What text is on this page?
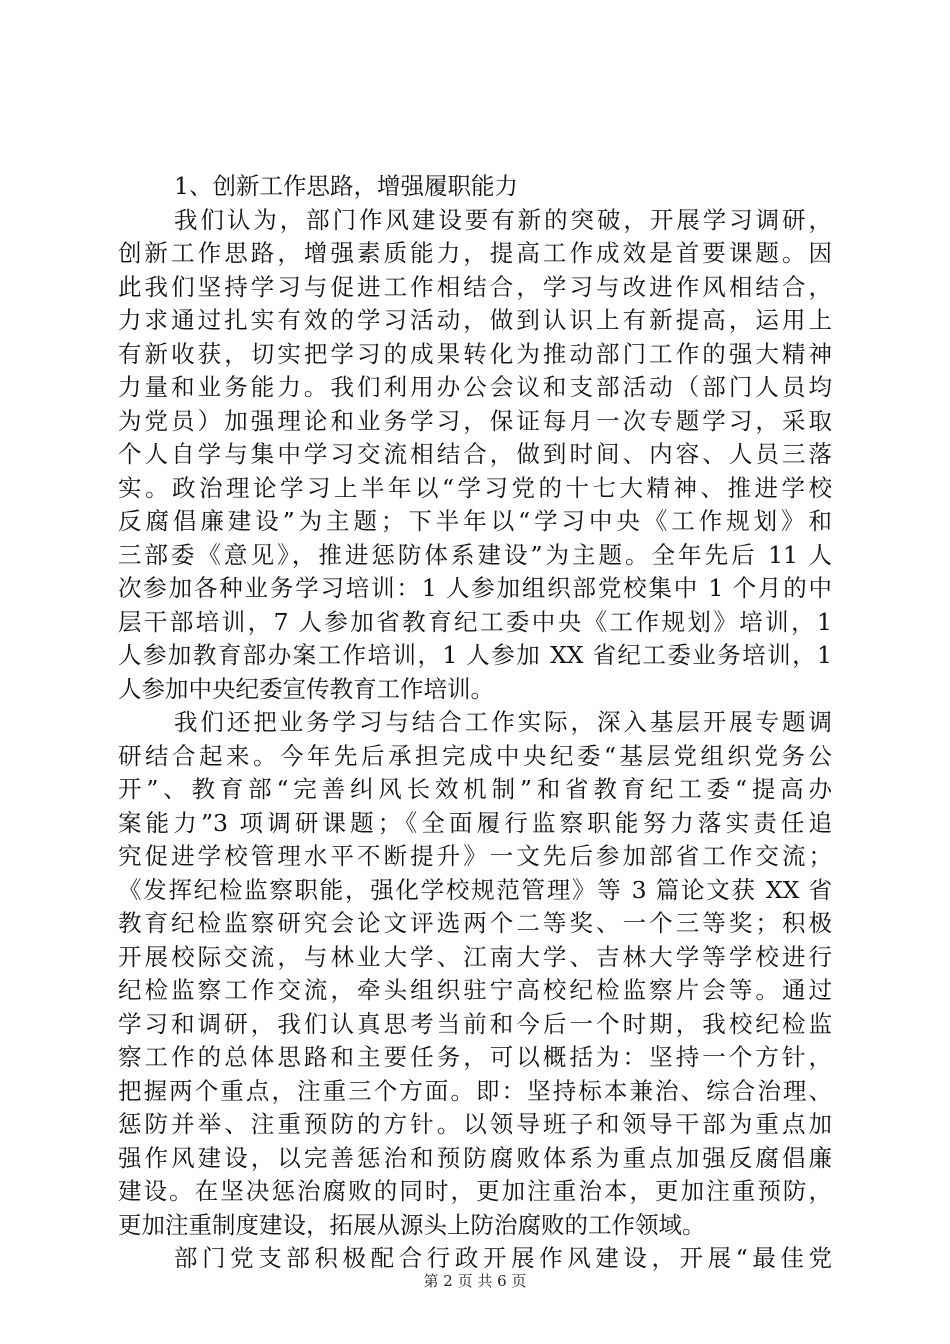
1、创新工作思路，增强履职能力
我们认为，部门作风建设要有新的突破，开展学习调研，
创新工作思路，增强素质能力，提高工作成效是首要课题。因
此我们坚持学习与促进工作相结合，学习与改进作风相结合，
力求通过扎实有效的学习活动，做到认识上有新提高，运用上
有新收获，切实把学习的成果转化为推动部门工作的强大精神
力量和业务能力。我们利用办公会议和支部活动（部门人员均
为党员）加强理论和业务学习，保证每月一次专题学习，采取
个人自学与集中学习交流相结合，做到时间、内容、人员三落
实。政治理论学习上半年以“学习党的十七大精神、推进学校
反腐倡廉建设”为主题；下半年以“学习中央《工作规划》和
三部委《意见》，推进惩防体系建设”为主题。全年先后 11 人
次参加各种业务学习培训：1 人参加组织部党校集中 1 个月的中
层干部培训，7 人参加省教育纪工委中央《工作规划》培训，1
人参加教育部办案工作培训，1 人参加 XX 省纪工委业务培训，1
人参加中央纪委宣传教育工作培训。
我们还把业务学习与结合工作实际，深入基层开展专题调
研结合起来。今年先后承担完成中央纪委“基层党组织党务公
开”、教育部“完善纠风长效机制”和省教育纪工委“提高办
案能力”3 项调研课题；《全面履行监察职能努力落实责任追
究促进学校管理水平不断提升》一文先后参加部省工作交流；
《发挥纪检监察职能，强化学校规范管理》等 3 篇论文获 XX 省
教育纪检监察研究会论文评选两个二等奖、一个三等奖；积极
开展校际交流，与林业大学、江南大学、吉林大学等学校进行
纪检监察工作交流，牵头组织驻宁高校纪检监察片会等。通过
学习和调研，我们认真思考当前和今后一个时期，我校纪检监
察工作的总体思路和主要任务，可以概括为：坚持一个方针，
把握两个重点，注重三个方面。即：坚持标本兼治、综合治理、
惩防并举、注重预防的方针。以领导班子和领导干部为重点加
强作风建设，以完善惩治和预防腐败体系为重点加强反腐倡廉
建设。在坚决惩治腐败的同时，更加注重治本，更加注重预防，
更加注重制度建设，拓展从源头上防治腐败的工作领域。
部门党支部积极配合行政开展作风建设，开展“最佳党
第 2 页 共 6 页
